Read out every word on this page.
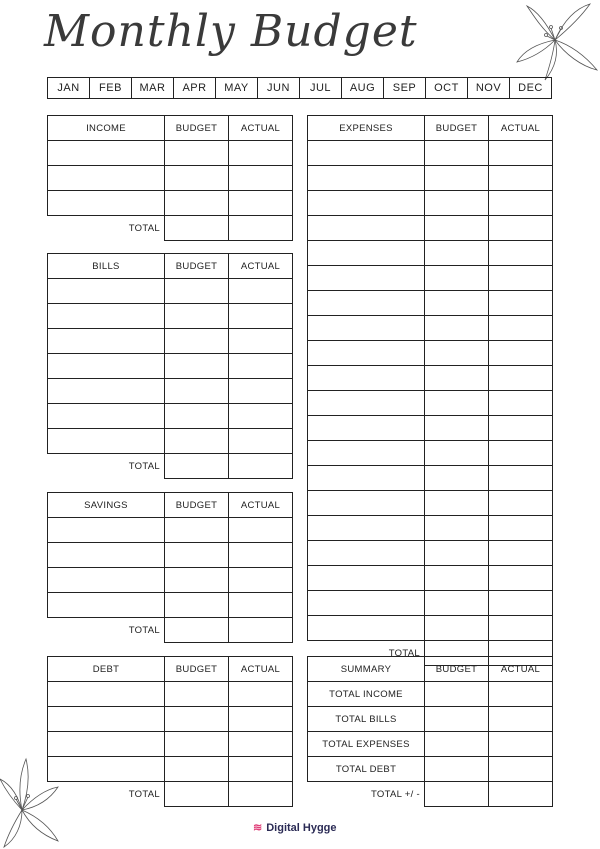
Monthly Budget
JAN	FEB	MAR	APR	MAY	JUN	JUL	AUG	SEP	OCT	NOV	DEC
INCOME	BUDGET	ACTUAL

TOTAL		
BILLS	BUDGET	ACTUAL

TOTAL		
SAVINGS	BUDGET	ACTUAL

TOTAL		
DEBT	BUDGET	ACTUAL

TOTAL		
EXPENSES	BUDGET	ACTUAL

TOTAL		
SUMMARY	BUDGET	ACTUAL
TOTAL INCOME		
TOTAL BILLS		
TOTAL EXPENSES		
TOTAL DEBT		
TOTAL +/ -		
≋ Digital Hygge
